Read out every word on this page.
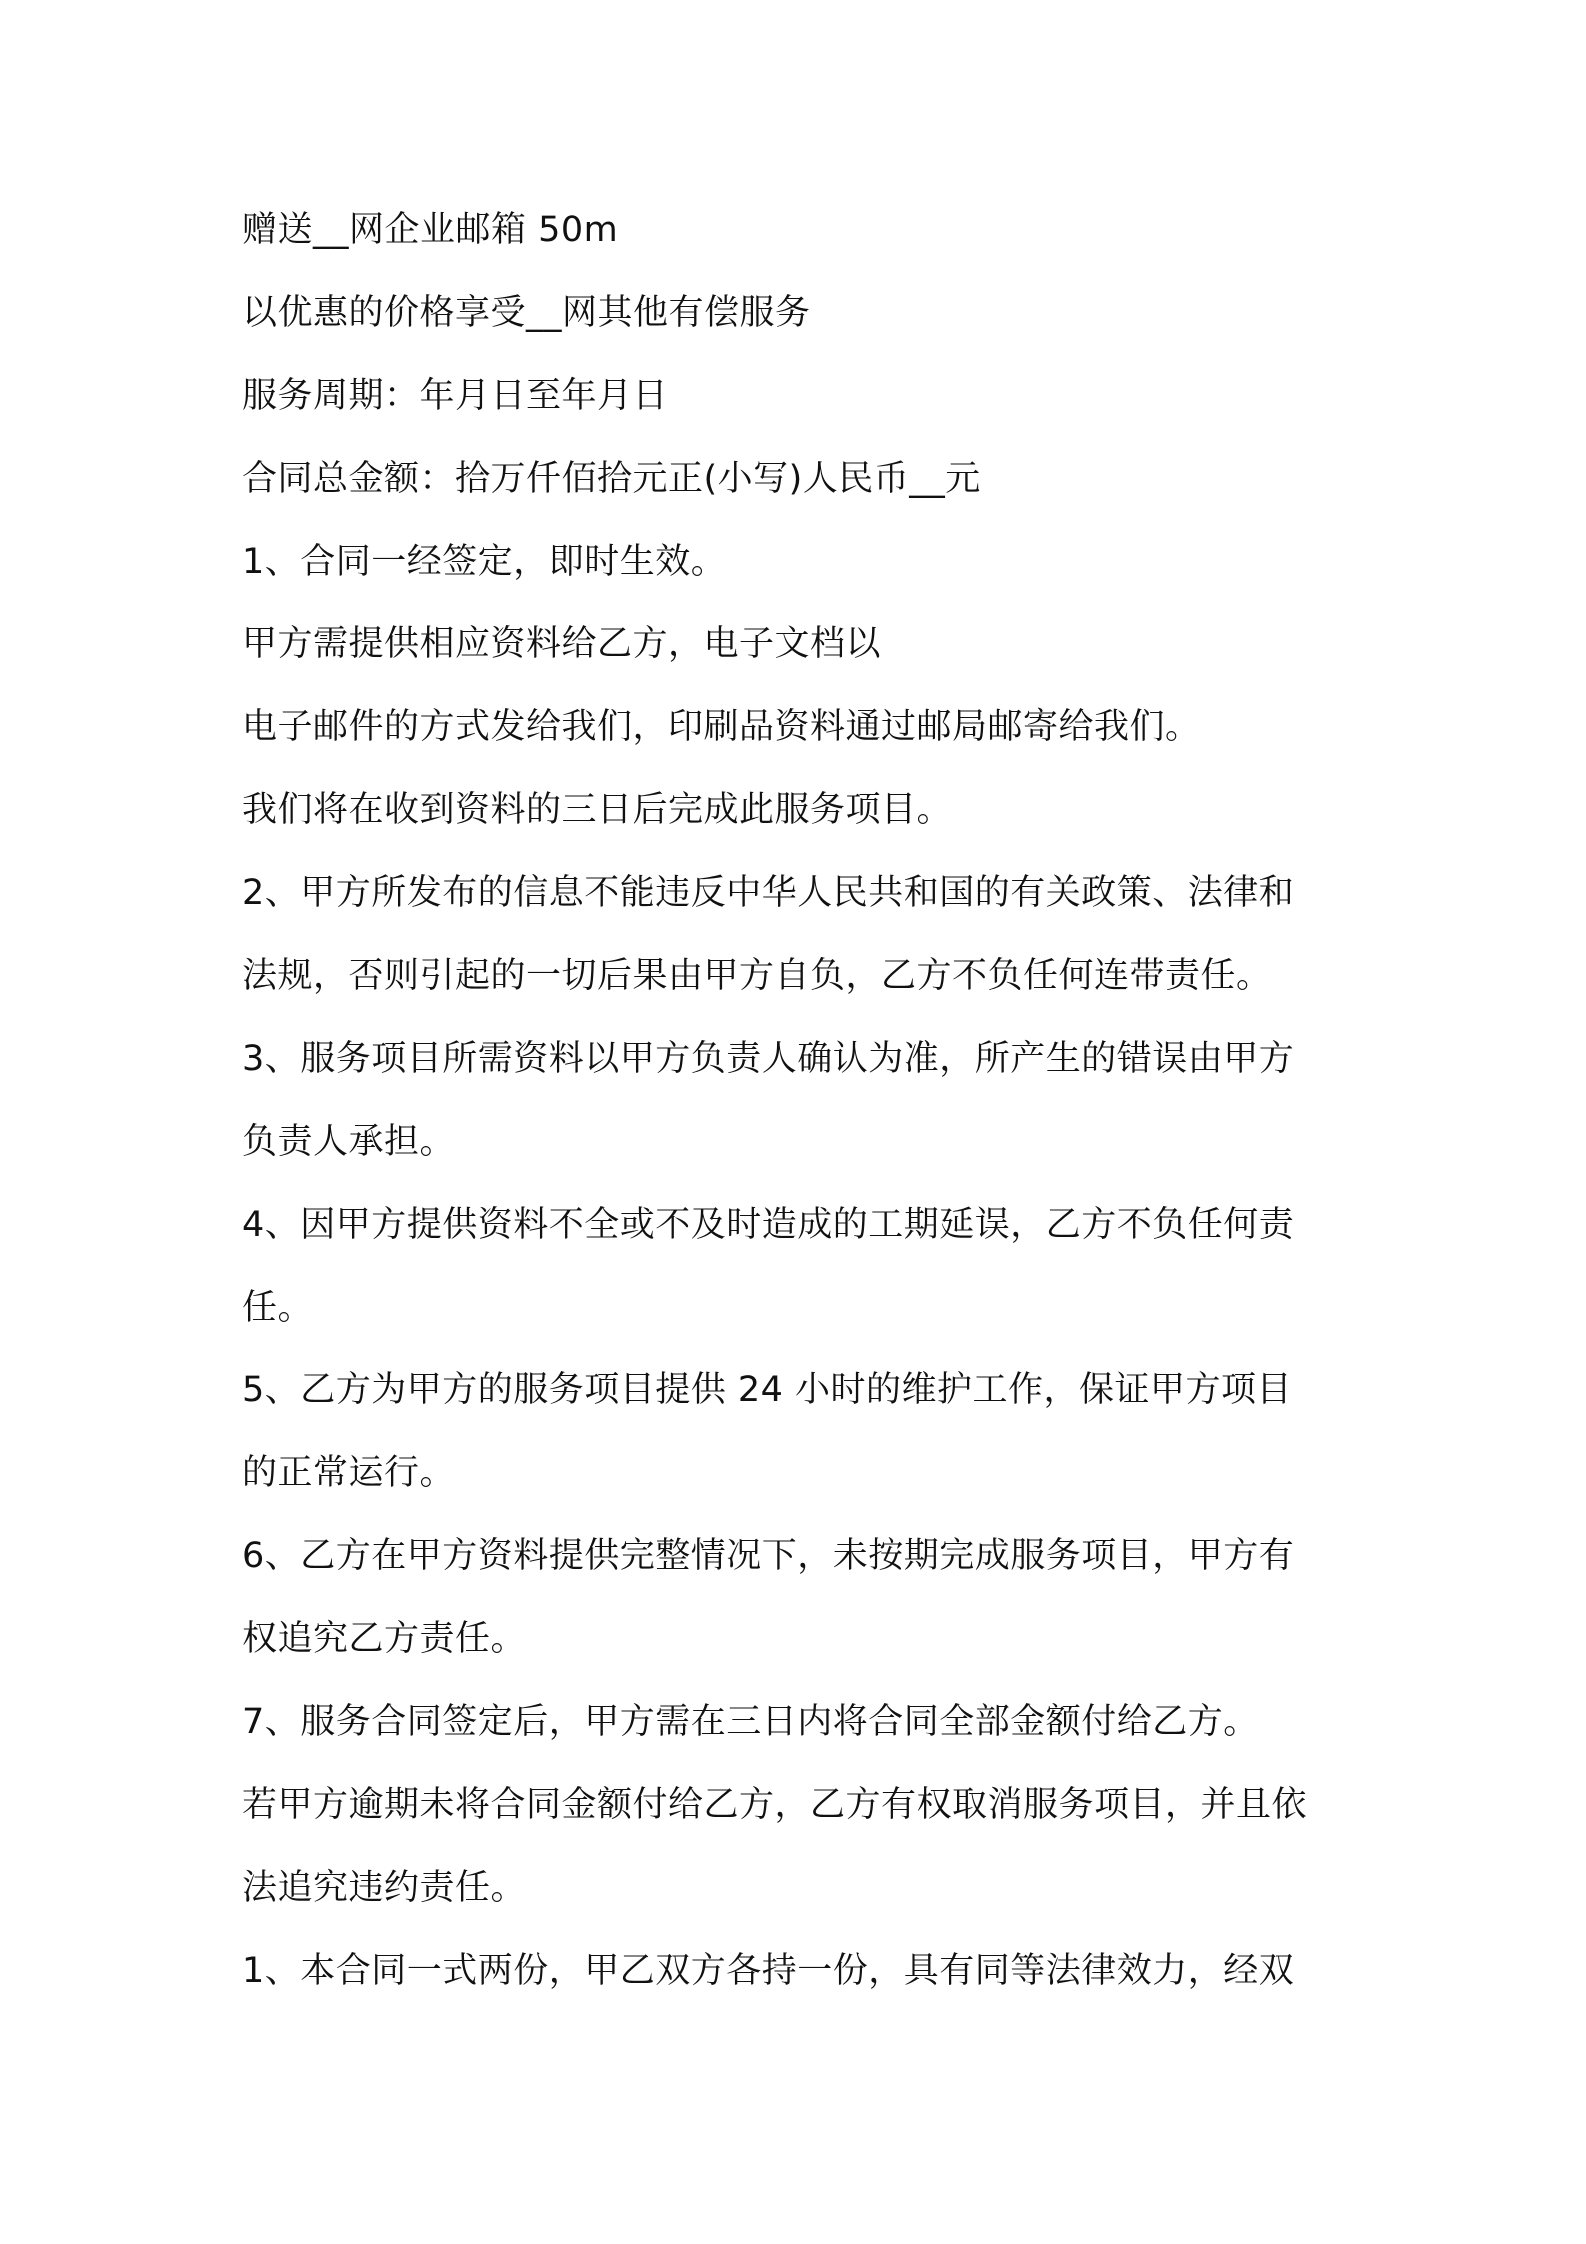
赠送__网企业邮箱 50m
以优惠的价格享受__网其他有偿服务
服务周期：年月日至年月日
合同总金额：拾万仟佰拾元正(小写)人民币__元
1、合同一经签定，即时生效。
甲方需提供相应资料给乙方，电子文档以
电子邮件的方式发给我们，印刷品资料通过邮局邮寄给我们。
我们将在收到资料的三日后完成此服务项目。
2、甲方所发布的信息不能违反中华人民共和国的有关政策、法律和
法规，否则引起的一切后果由甲方自负，乙方不负任何连带责任。
3、服务项目所需资料以甲方负责人确认为准，所产生的错误由甲方
负责人承担。
4、因甲方提供资料不全或不及时造成的工期延误，乙方不负任何责
任。
5、乙方为甲方的服务项目提供 24 小时的维护工作，保证甲方项目
的正常运行。
6、乙方在甲方资料提供完整情况下，未按期完成服务项目，甲方有
权追究乙方责任。
7、服务合同签定后，甲方需在三日内将合同全部金额付给乙方。
若甲方逾期未将合同金额付给乙方，乙方有权取消服务项目，并且依
法追究违约责任。
1、本合同一式两份，甲乙双方各持一份，具有同等法律效力，经双
